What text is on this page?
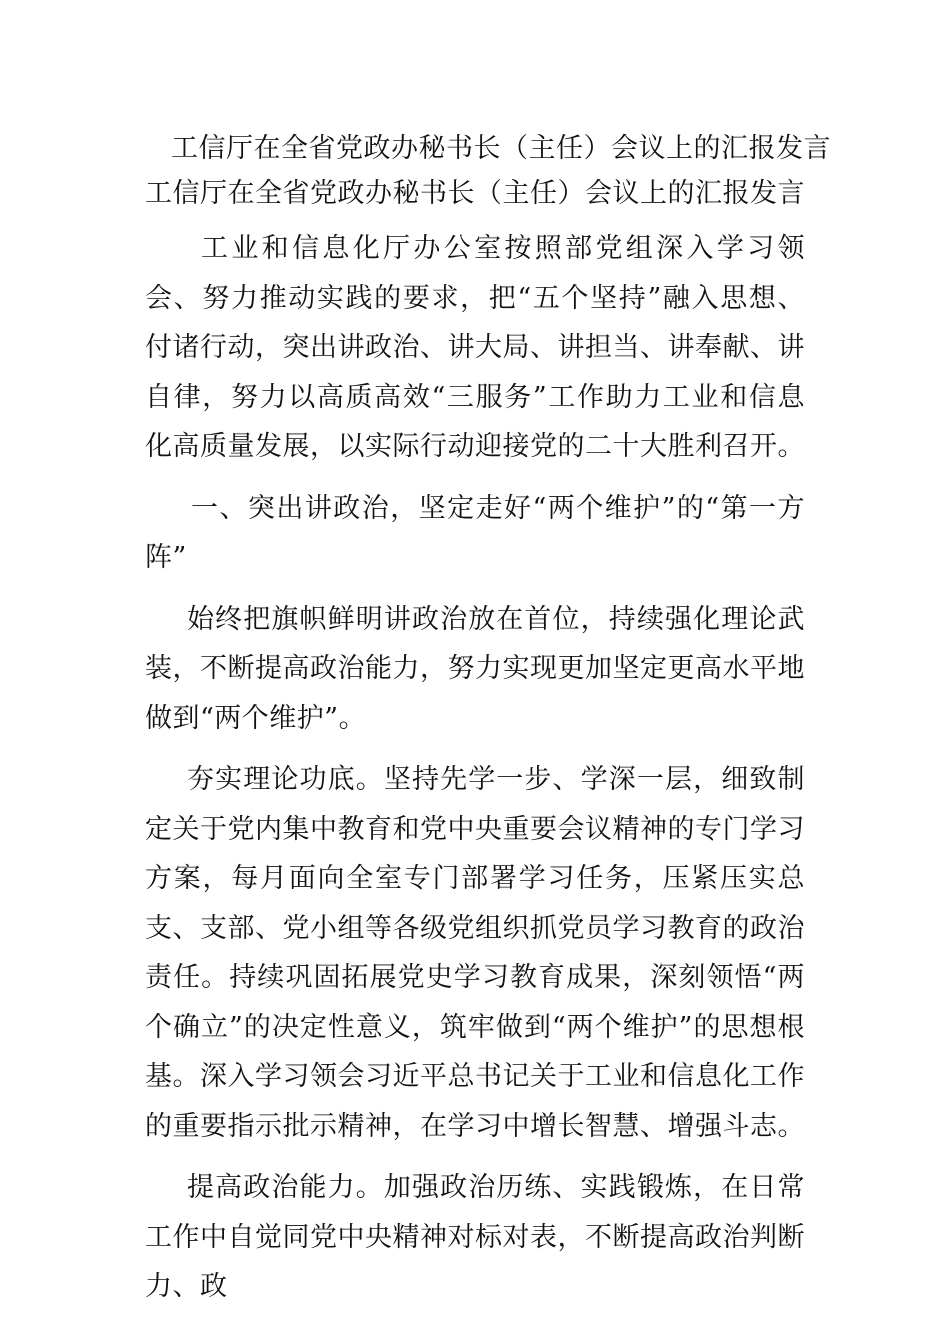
工信厅在全省党政办秘书长（主任）会议上的汇报发言

工信厅在全省党政办秘书长（主任）会议上的汇报发言

工业和信息化厅办公室按照部党组深入学习领会、努力推动实践的要求，把“五个坚持”融入思想、付诸行动，突出讲政治、讲大局、讲担当、讲奉献、讲自律，努力以高质高效“三服务”工作助力工业和信息化高质量发展，以实际行动迎接党的二十大胜利召开。

一、突出讲政治，坚定走好“两个维护”的“第一方阵”

始终把旗帜鲜明讲政治放在首位，持续强化理论武装，不断提高政治能力，努力实现更加坚定更高水平地做到“两个维护”。

夯实理论功底。坚持先学一步、学深一层，细致制定关于党内集中教育和党中央重要会议精神的专门学习方案，每月面向全室专门部署学习任务，压紧压实总支、支部、党小组等各级党组织抓党员学习教育的政治责任。持续巩固拓展党史学习教育成果，深刻领悟“两个确立”的决定性意义，筑牢做到“两个维护”的思想根基。深入学习领会习近平总书记关于工业和信息化工作的重要指示批示精神，在学习中增长智慧、增强斗志。

提高政治能力。加强政治历练、实践锻炼，在日常工作中自觉同党中央精神对标对表，不断提高政治判断力、政
